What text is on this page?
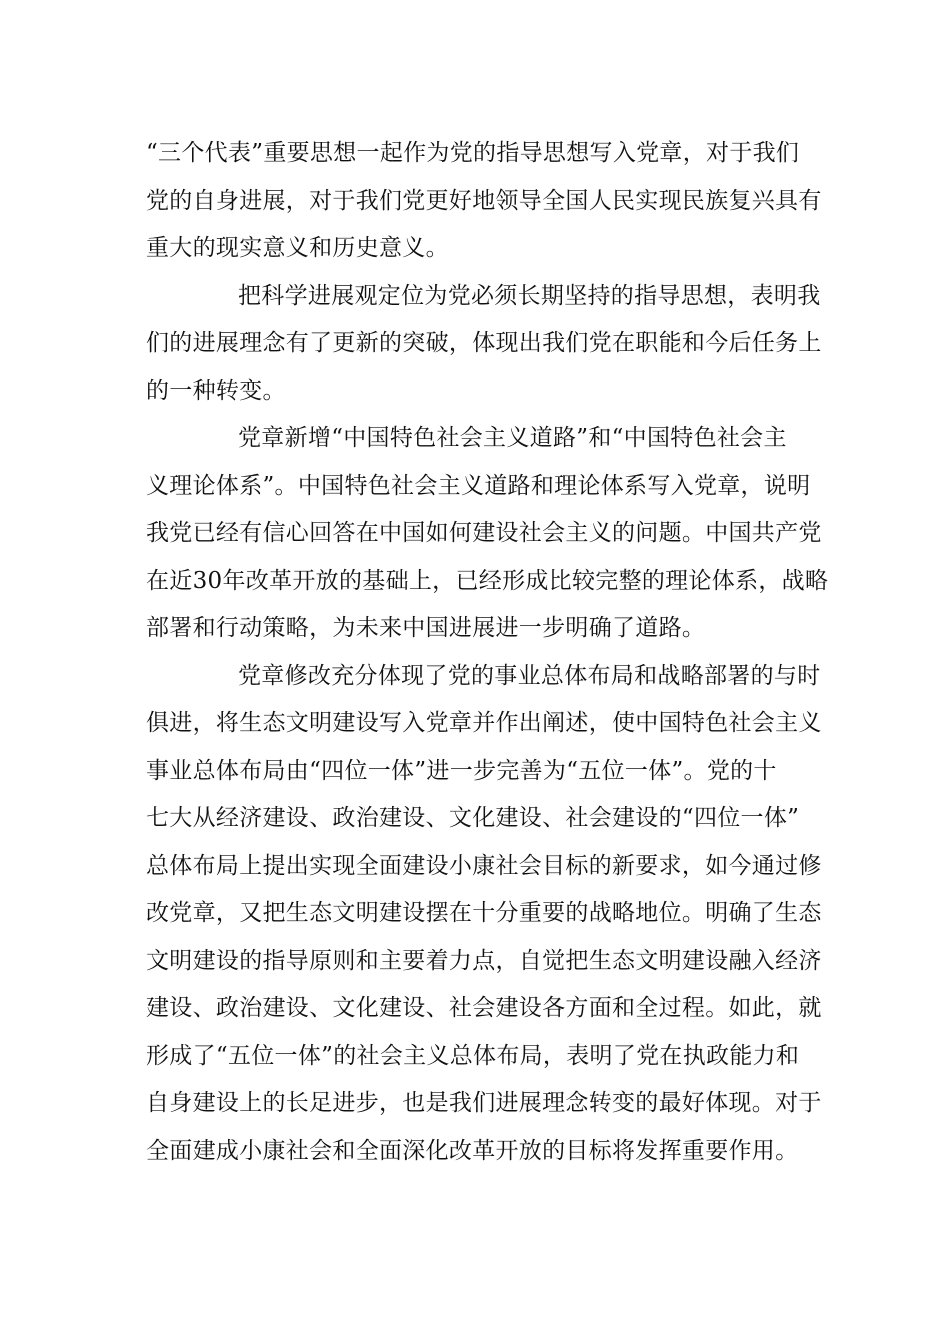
“三个代表”重要思想一起作为党的指导思想写入党章，对于我们
党的自身进展，对于我们党更好地领导全国人民实现民族复兴具有
重大的现实意义和历史意义。
把科学进展观定位为党必须长期坚持的指导思想，表明我
们的进展理念有了更新的突破，体现出我们党在职能和今后任务上
的一种转变。
党章新增“中国特色社会主义道路”和“中国特色社会主
义理论体系”。中国特色社会主义道路和理论体系写入党章，说明
我党已经有信心回答在中国如何建设社会主义的问题。中国共产党
在近30年改革开放的基础上，已经形成比较完整的理论体系，战略
部署和行动策略，为未来中国进展进一步明确了道路。
党章修改充分体现了党的事业总体布局和战略部署的与时
俱进，将生态文明建设写入党章并作出阐述，使中国特色社会主义
事业总体布局由“四位一体”进一步完善为“五位一体”。党的十
七大从经济建设、政治建设、文化建设、社会建设的“四位一体”
总体布局上提出实现全面建设小康社会目标的新要求，如今通过修
改党章，又把生态文明建设摆在十分重要的战略地位。明确了生态
文明建设的指导原则和主要着力点，自觉把生态文明建设融入经济
建设、政治建设、文化建设、社会建设各方面和全过程。如此，就
形成了“五位一体”的社会主义总体布局，表明了党在执政能力和
自身建设上的长足进步，也是我们进展理念转变的最好体现。对于
全面建成小康社会和全面深化改革开放的目标将发挥重要作用。
